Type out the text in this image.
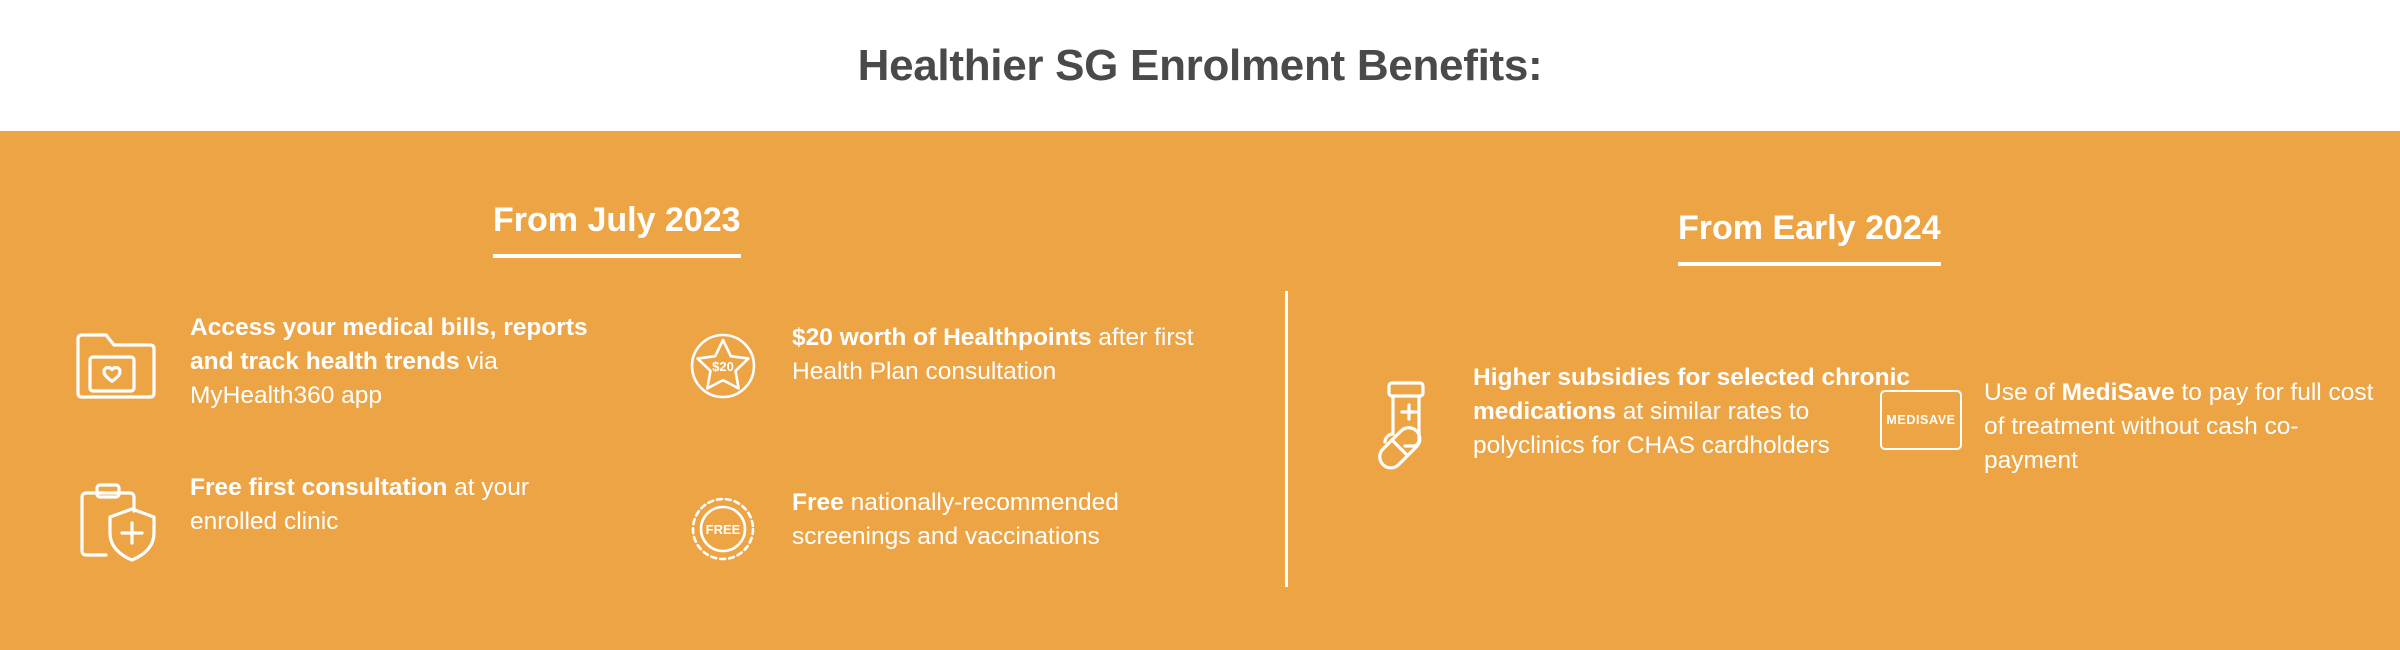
Healthier SG Enrolment Benefits:
From July 2023	From Early 2024
Access your medical bills, reports and track health trends via MyHealth360 app
Free first consultation at your enrolled clinic
$20
$20 worth of Healthpoints after first Health Plan consultation
FREE
Free nationally-recommended screenings and vaccinations
Higher subsidies for selected chronic medications at similar rates to polyclinics for CHAS cardholders
MEDISAVE
Use of MediSave to pay for full cost of treatment without cash co-payment
